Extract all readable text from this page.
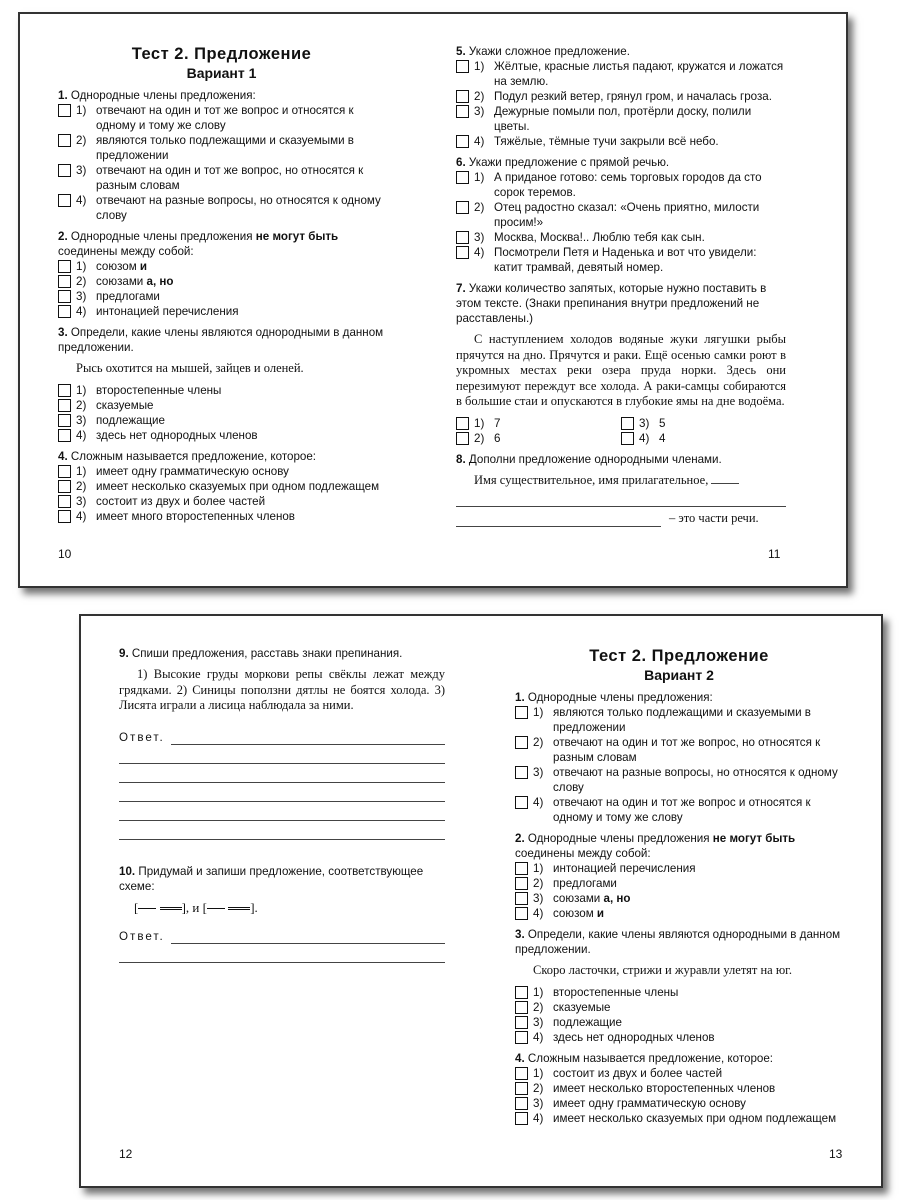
Тест 2. Предложение
Вариант 1
1. Однородные члены предложения:
1) отвечают на один и тот же вопрос и относятся к одному и тому же слову
2) являются только подлежащими и сказуемыми в предложении
3) отвечают на один и тот же вопрос, но относятся к разным словам
4) отвечают на разные вопросы, но относятся к одному слову
2. Однородные члены предложения не могут быть соединены между собой:
1) союзом и
2) союзами а, но
3) предлогами
4) интонацией перечисления
3. Определи, какие члены являются однородными в данном предложении.
Рысь охотится на мышей, зайцев и оленей.
1) второстепенные члены
2) сказуемые
3) подлежащие
4) здесь нет однородных членов
4. Сложным называется предложение, которое:
1) имеет одну грамматическую основу
2) имеет несколько сказуемых при одном подлежащем
3) состоит из двух и более частей
4) имеет много второстепенных членов
10
5. Укажи сложное предложение.
1) Жёлтые, красные листья падают, кружатся и ложатся на землю.
2) Подул резкий ветер, грянул гром, и началась гроза.
3) Дежурные помыли пол, протёрли доску, полили цветы.
4) Тяжёлые, тёмные тучи закрыли всё небо.
6. Укажи предложение с прямой речью.
1) А приданое готово: семь торговых городов да сто сорок теремов.
2) Отец радостно сказал: «Очень приятно, милости просим!»
3) Москва, Москва!.. Люблю тебя как сын.
4) Посмотрели Петя и Наденька и вот что увидели: катит трамвай, девятый номер.
7. Укажи количество запятых, которые нужно поставить в этом тексте. (Знаки препинания внутри предложений не расставлены.)
С наступлением холодов водяные жуки лягушки рыбы прячутся на дно. Прячутся и раки. Ещё осенью самки роют в укромных местах реки озера пруда норки. Здесь они перезимуют переждут все холода. А раки-самцы собираются в большие стаи и опускаются в глубокие ямы на дне водоёма.
1) 7	3) 5
2) 6	4) 4
8. Дополни предложение однородными членами.
Имя существительное, имя прилагательное,
– это части речи.
11
9. Спиши предложения, расставь знаки препинания.
1) Высокие груды моркови репы свёклы лежат между грядками. 2) Синицы поползни дятлы не боятся холода. 3) Лисята играли а лисица наблюдала за ними.
Ответ.
10. Придумай и запиши предложение, соответствующее схеме:
[	], и [	].
Ответ.
12
Тест 2. Предложение
Вариант 2
1. Однородные члены предложения:
1) являются только подлежащими и сказуемыми в предложении
2) отвечают на один и тот же вопрос, но относятся к разным словам
3) отвечают на разные вопросы, но относятся к одному слову
4) отвечают на один и тот же вопрос и относятся к одному и тому же слову
2. Однородные члены предложения не могут быть соединены между собой:
1) интонацией перечисления
2) предлогами
3) союзами а, но
4) союзом и
3. Определи, какие члены являются однородными в данном предложении.
Скоро ласточки, стрижи и журавли улетят на юг.
1) второстепенные члены
2) сказуемые
3) подлежащие
4) здесь нет однородных членов
4. Сложным называется предложение, которое:
1) состоит из двух и более частей
2) имеет несколько второстепенных членов
3) имеет одну грамматическую основу
4) имеет несколько сказуемых при одном подлежащем
13
